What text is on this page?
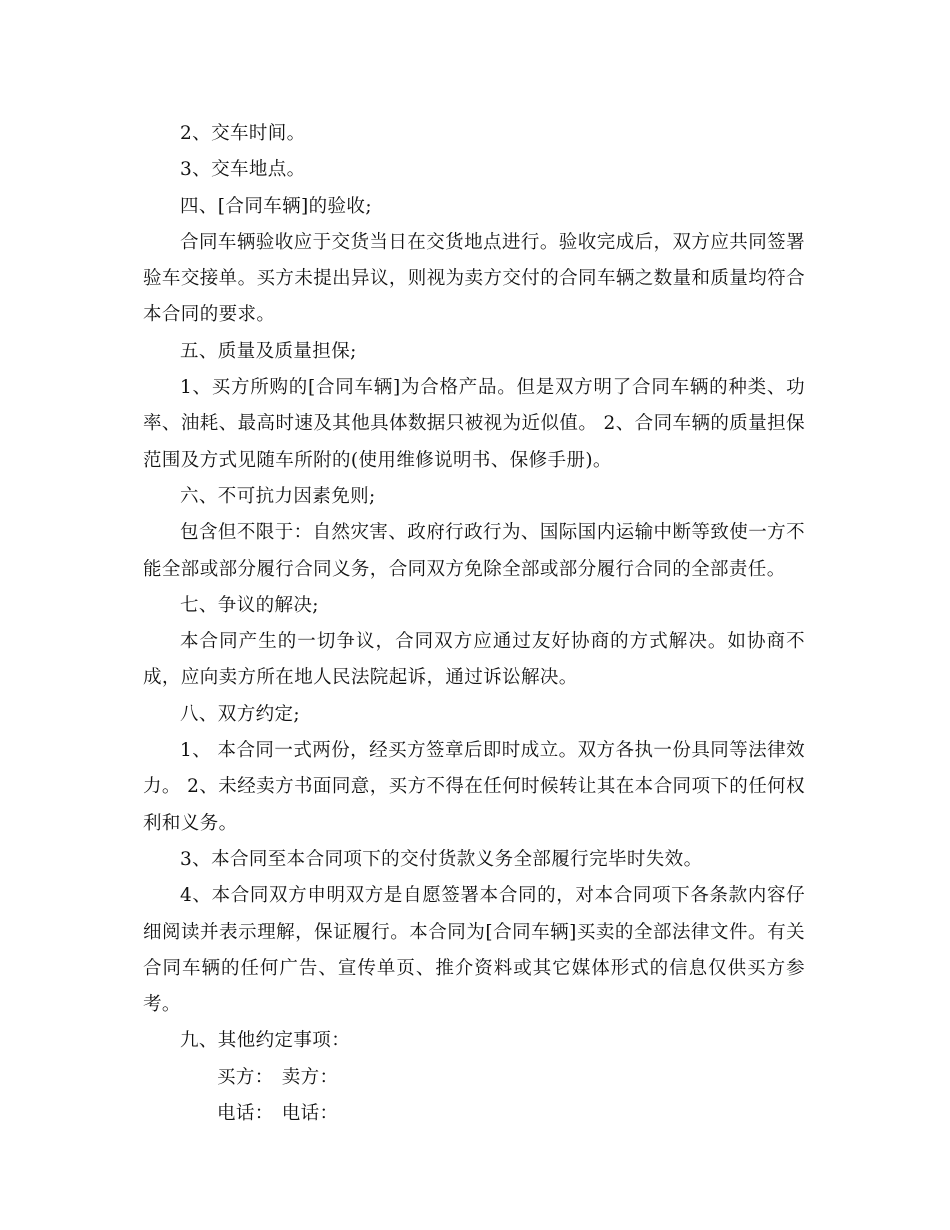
2、交车时间。

3、交车地点。

四、[合同车辆]的验收;

合同车辆验收应于交货当日在交货地点进行。验收完成后，双方应共同签署验车交接单。买方未提出异议，则视为卖方交付的合同车辆之数量和质量均符合本合同的要求。

五、质量及质量担保;

1、买方所购的[合同车辆]为合格产品。但是双方明了合同车辆的种类、功率、油耗、最高时速及其他具体数据只被视为近似值。 2、合同车辆的质量担保范围及方式见随车所附的(使用维修说明书、保修手册)。

六、不可抗力因素免则;

包含但不限于：自然灾害、政府行政行为、国际国内运输中断等致使一方不能全部或部分履行合同义务，合同双方免除全部或部分履行合同的全部责任。

七、争议的解决;

本合同产生的一切争议，合同双方应通过友好协商的方式解决。如协商不成，应向卖方所在地人民法院起诉，通过诉讼解决。

八、双方约定;

1、 本合同一式两份，经买方签章后即时成立。双方各执一份具同等法律效力。 2、未经卖方书面同意，买方不得在任何时候转让其在本合同项下的任何权利和义务。

3、本合同至本合同项下的交付货款义务全部履行完毕时失效。

4、本合同双方申明双方是自愿签署本合同的，对本合同项下各条款内容仔细阅读并表示理解，保证履行。本合同为[合同车辆]买卖的全部法律文件。有关合同车辆的任何广告、宣传单页、推介资料或其它媒体形式的信息仅供买方参考。

九、其他约定事项：

买方： 卖方：

电话： 电话：
